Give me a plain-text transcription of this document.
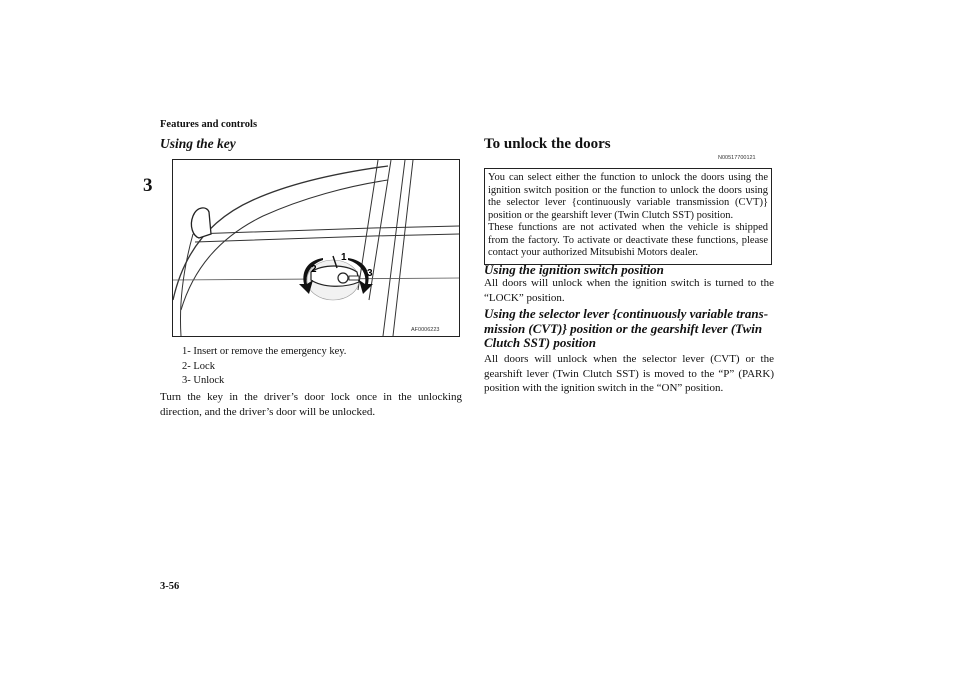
Features and controls
3
3-56
Using the key
1
2	3
AF0006223
1- Insert or remove the emergency key.
2- Lock
3- Unlock
Turn the key in the driver’s door lock once in the unlocking direction, and the driver’s door will be unlocked.
To unlock the doors
N00517700121

You can select either the function to unlock the doors using the ignition switch position or the function to unlock the doors using the selector lever {continuously variable transmission (CVT)} position or the gearshift lever (Twin Clutch SST) position.

These functions are not activated when the vehicle is shipped from the factory. To activate or deactivate these functions, please contact your authorized Mitsubishi Motors dealer.

Using the ignition switch position
All doors will unlock when the ignition switch is turned to the “LOCK” position.
Using the selector lever {continuously variable trans-mission (CVT)} position or the gearshift lever (Twin Clutch SST) position
All doors will unlock when the selector lever (CVT) or the gearshift lever (Twin Clutch SST) is moved to the “P” (PARK) position with the ignition switch in the “ON” position.
